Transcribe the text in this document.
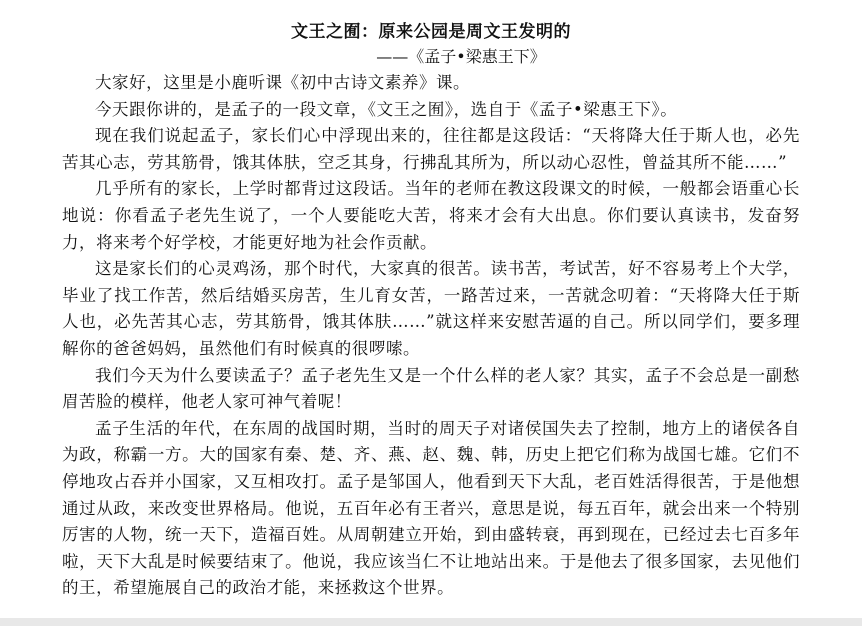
文王之囿：原来公园是周文王发明的
——《孟子•梁惠王下》

大家好，这里是小鹿听课《初中古诗文素养》课。

今天跟你讲的，是孟子的一段文章，《文王之囿》，选自于《孟子•梁惠王下》。

现在我们说起孟子，家长们心中浮现出来的，往往都是这段话：“天将降大任于斯人也，必先苦其心志，劳其筋骨，饿其体肤，空乏其身，行拂乱其所为，所以动心忍性，曾益其所不能……”

几乎所有的家长，上学时都背过这段话。当年的老师在教这段课文的时候，一般都会语重心长地说：你看孟子老先生说了，一个人要能吃大苦，将来才会有大出息。你们要认真读书，发奋努力，将来考个好学校，才能更好地为社会作贡献。

这是家长们的心灵鸡汤，那个时代，大家真的很苦。读书苦，考试苦，好不容易考上个大学，毕业了找工作苦，然后结婚买房苦，生儿育女苦，一路苦过来，一苦就念叨着：“天将降大任于斯人也，必先苦其心志，劳其筋骨，饿其体肤……”就这样来安慰苦逼的自己。所以同学们，要多理解你的爸爸妈妈，虽然他们有时候真的很啰嗦。

我们今天为什么要读孟子？孟子老先生又是一个什么样的老人家？其实，孟子不会总是一副愁眉苦脸的模样，他老人家可神气着呢！

孟子生活的年代，在东周的战国时期，当时的周天子对诸侯国失去了控制，地方上的诸侯各自为政，称霸一方。大的国家有秦、楚、齐、燕、赵、魏、韩，历史上把它们称为战国七雄。它们不停地攻占吞并小国家，又互相攻打。孟子是邹国人，他看到天下大乱，老百姓活得很苦，于是他想通过从政，来改变世界格局。他说，五百年必有王者兴，意思是说，每五百年，就会出来一个特别厉害的人物，统一天下，造福百姓。从周朝建立开始，到由盛转衰，再到现在，已经过去七百多年啦，天下大乱是时候要结束了。他说，我应该当仁不让地站出来。于是他去了很多国家，去见他们的王，希望施展自己的政治才能，来拯救这个世界。
